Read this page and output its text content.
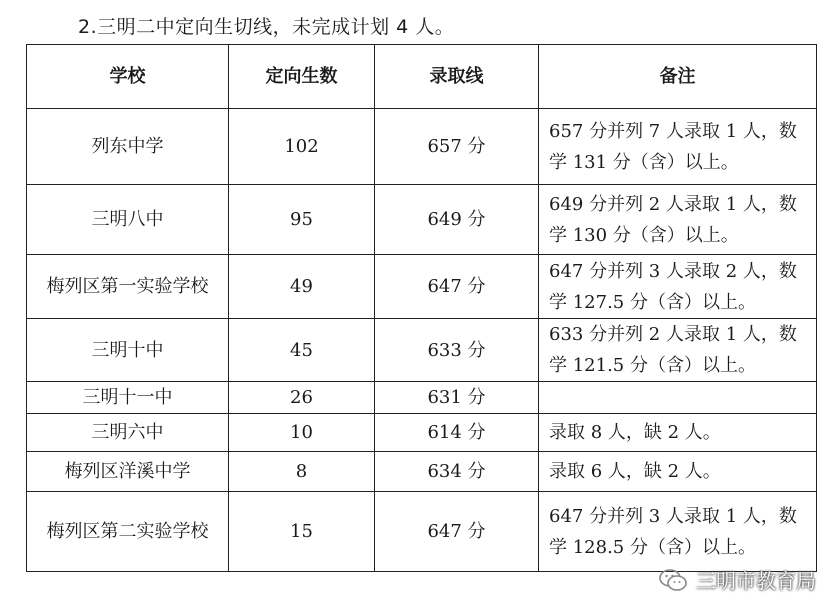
2.三明二中定向生切线，未完成计划 4 人。
学校	定向生数	录取线	备注
列东中学	102	657 分	657 分并列 7 人录取 1 人，数学 131 分（含）以上。
三明八中	95	649 分	649 分并列 2 人录取 1 人，数学 130 分（含）以上。
梅列区第一实验学校	49	647 分	647 分并列 3 人录取 2 人，数学 127.5 分（含）以上。
三明十中	45	633 分	633 分并列 2 人录取 1 人，数学 121.5 分（含）以上。
三明十一中	26	631 分	
三明六中	10	614 分	录取 8 人，缺 2 人。
梅列区洋溪中学	8	634 分	录取 6 人，缺 2 人。
梅列区第二实验学校	15	647 分	647 分并列 3 人录取 1 人，数学 128.5 分（含）以上。
三明市教育局
